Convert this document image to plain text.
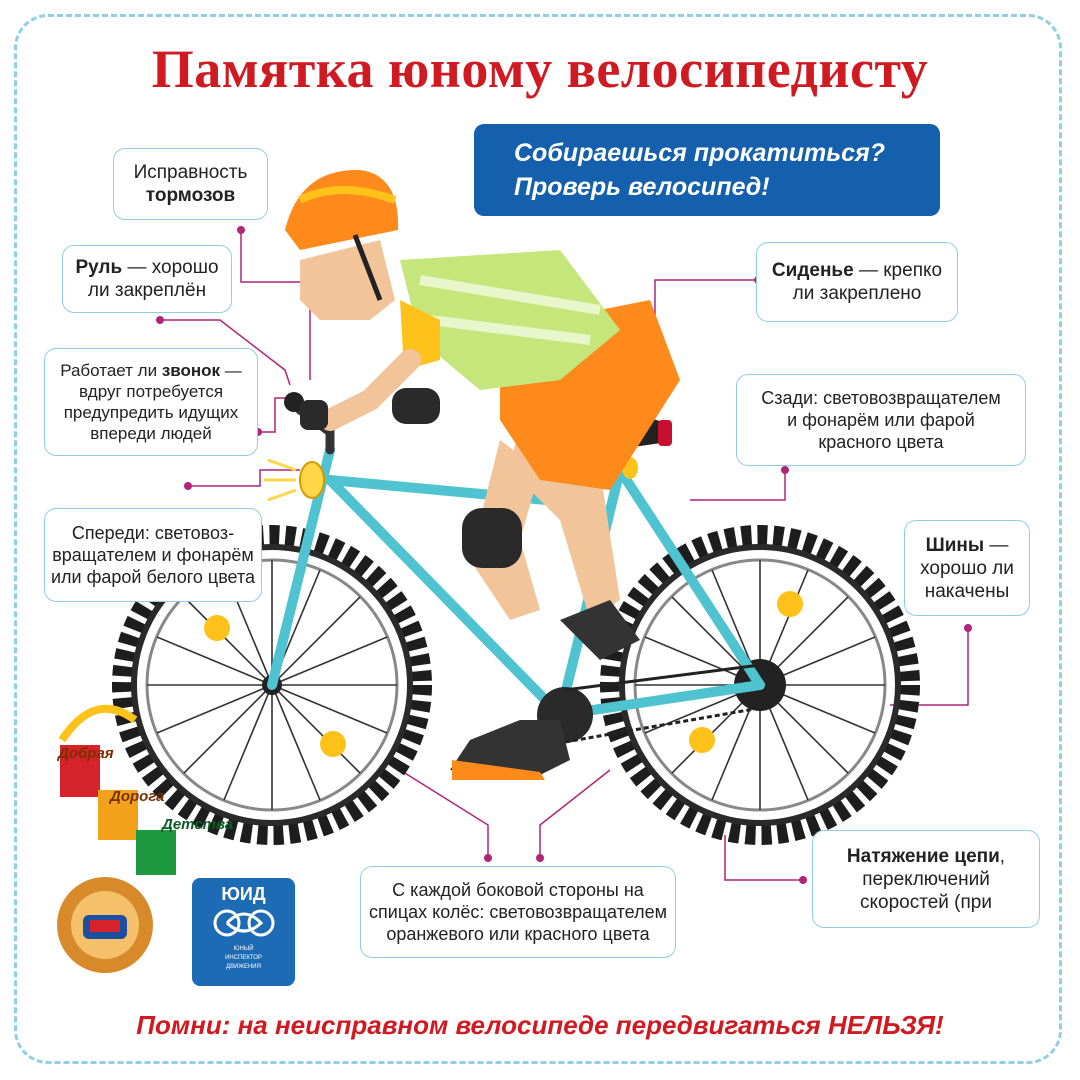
Памятка юному велосипедисту
Собираешься прокатиться?
Проверь велосипед!
Добрая
Дорога
Детства
ЮИД
ЮНЫЙ
ИНСПЕКТОР
ДВИЖЕНИЯ
Исправность
тормозов
Руль — хорошо
ли закреплён
Работает ли звонок —
вдруг потребуется
предупредить идущих
впереди людей
Спереди: световоз-
вращателем и фонарём
или фарой белого цвета
Сиденье — крепко
ли закреплено
Сзади: световозвращателем
и фонарём или фарой
красного цвета
Шины —
хорошо ли
накачены
С каждой боковой стороны на
спицах колёс: световозвращателем
оранжевого или красного цвета
Натяжение цепи,
переключений
скоростей (при
Помни: на неисправном велосипеде передвигаться НЕЛЬЗЯ!
